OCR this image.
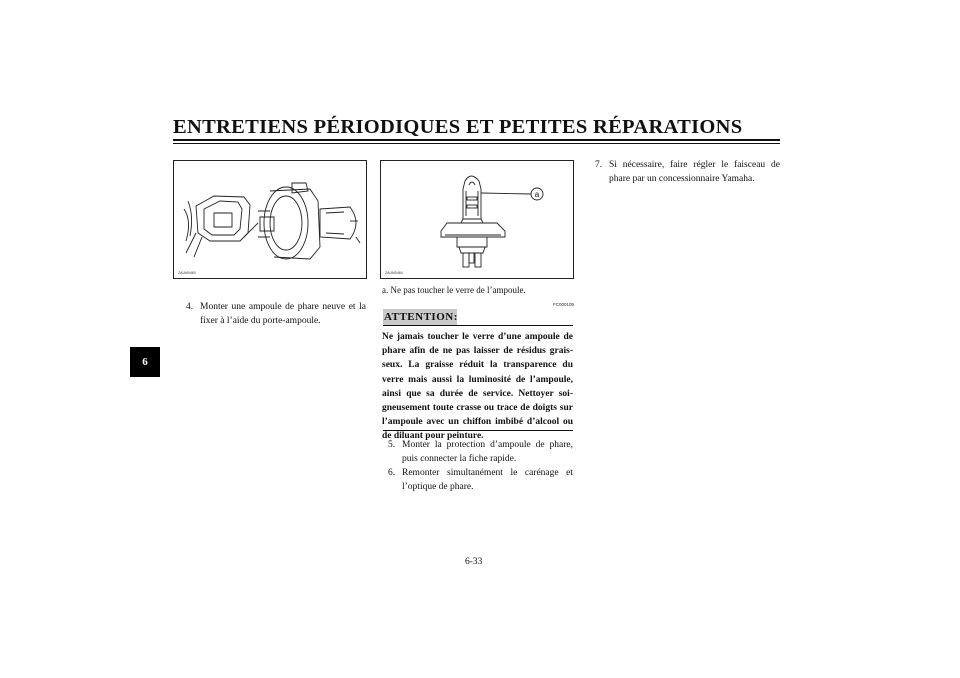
ENTRETIENS PÉRIODIQUES ET PETITES RÉPARATIONS
6
ZAUM0460
a
ZAUM0464
4. Monter une ampoule de phare neuve et la fixer à l’aide du porte-ampoule.
a. Ne pas toucher le verre de l’ampoule.
FC000105
ATTENTION:
Ne jamais toucher le verre d’une ampoule de phare afin de ne pas laisser de résidus graisseux. La graisse réduit la transparence du verre mais aussi la luminosité de l’ampoule, ainsi que sa durée de service. Nettoyer soigneusement toute crasse ou trace de doigts sur l’ampoule avec un chiffon imbibé d’alcool ou de diluant pour peinture.
5. Monter la protection d’ampoule de phare, puis connecter la fiche rapide.
6. Remonter simultanément le carénage et l’optique de phare.
7. Si nécessaire, faire régler le faisceau de phare par un concessionnaire Yamaha.
6-33
